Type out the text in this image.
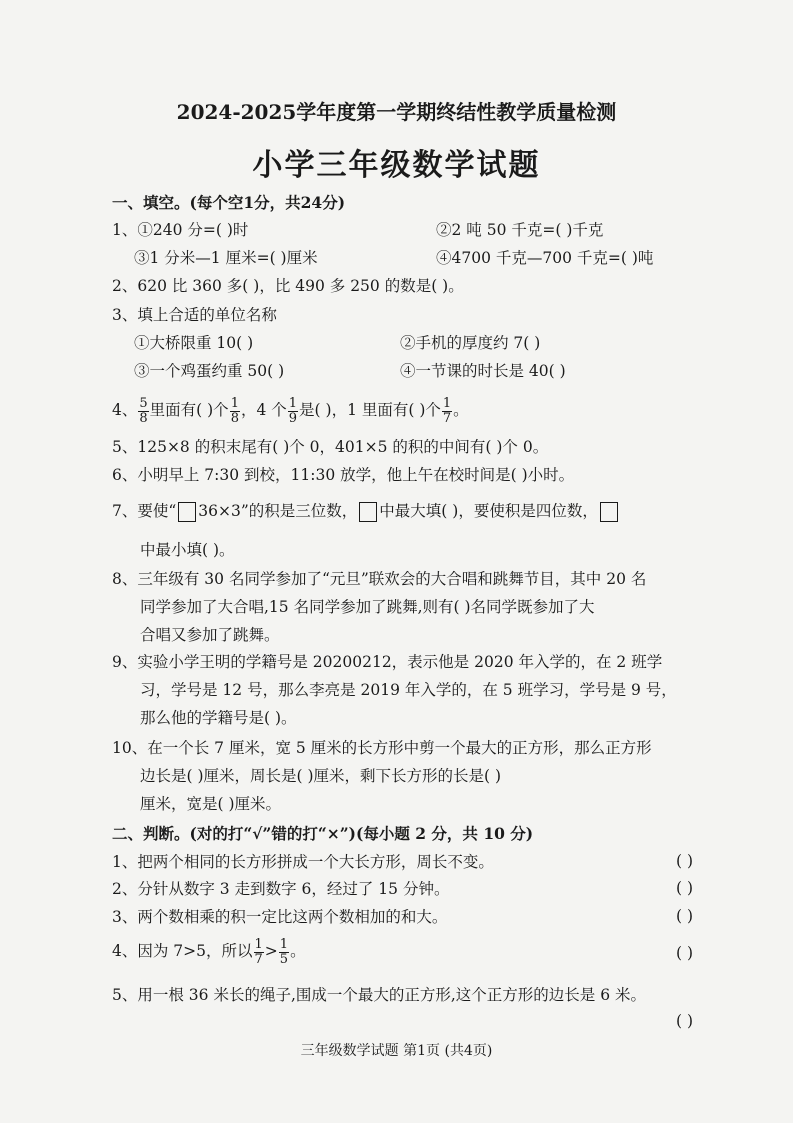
2024-2025学年度第一学期终结性教学质量检测
小学三年级数学试题
一、填空。(每个空1分，共24分)
1、①240 分=( )时	②2 吨 50 千克=( )千克
③1 分米—1 厘米=( )厘米	④4700 千克—700 千克=( )吨
2、620 比 360 多( )，比 490 多 250 的数是( )。
3、填上合适的单位名称
①大桥限重 10( )	②手机的厚度约 7( )
③一个鸡蛋约重 50( )	④一节课的时长是 40( )
4、 $\frac{5}{8}$ 里面有( )个 $\frac{1}{8}$ ，4 个 $\frac{1}{9}$ 是( )，1 里面有( )个 $\frac{1}{7}$ 。
5、125×8 的积末尾有( )个 0，401×5 的积的中间有( )个 0。
6、小明早上 7:30 到校，11:30 放学，他上午在校时间是( )小时。
7、要使“ 36×3”的积是三位数， 中最大填( )，要使积是四位数，
中最小填( )。
8、三年级有 30 名同学参加了“元旦”联欢会的大合唱和跳舞节目，其中 20 名
同学参加了大合唱,15 名同学参加了跳舞,则有( )名同学既参加了大
合唱又参加了跳舞。
9、实验小学王明的学籍号是 20200212，表示他是 2020 年入学的，在 2 班学
习，学号是 12 号，那么李亮是 2019 年入学的，在 5 班学习，学号是 9 号，
那么他的学籍号是( )。
10、在一个长 7 厘米，宽 5 厘米的长方形中剪一个最大的正方形，那么正方形
边长是( )厘米，周长是( )厘米，剩下长方形的长是( )
厘米，宽是( )厘米。
二、判断。(对的打“√”错的打“×”)(每小题 2 分，共 10 分)
1、把两个相同的长方形拼成一个大长方形，周长不变。	( )
2、分针从数字 3 走到数字 6，经过了 15 分钟。	( )
3、两个数相乘的积一定比这两个数相加的和大。	( )
4、因为 7>5，所以 $\frac{1}{7} > \frac{1}{5}$ 。	( )
5、用一根 36 米长的绳子,围成一个最大的正方形,这个正方形的边长是 6 米。
( )
三年级数学试题 第1页 (共4页)
